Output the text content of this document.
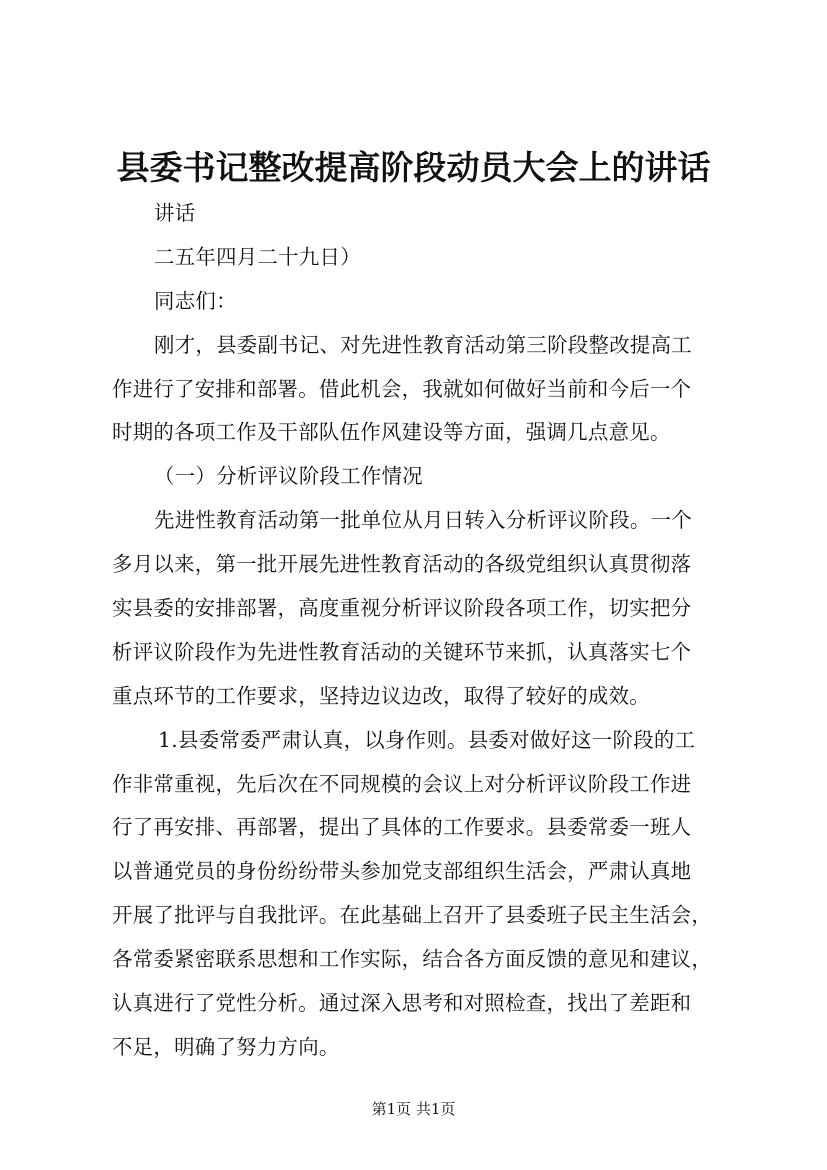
县委书记整改提高阶段动员大会上的讲话
讲话
二五年四月二十九日）
同志们：
刚才，县委副书记、对先进性教育活动第三阶段整改提高工
作进行了安排和部署。借此机会，我就如何做好当前和今后一个
时期的各项工作及干部队伍作风建设等方面，强调几点意见。
（一）分析评议阶段工作情况
先进性教育活动第一批单位从月日转入分析评议阶段。一个
多月以来，第一批开展先进性教育活动的各级党组织认真贯彻落
实县委的安排部署，高度重视分析评议阶段各项工作，切实把分
析评议阶段作为先进性教育活动的关键环节来抓，认真落实七个
重点环节的工作要求，坚持边议边改，取得了较好的成效。
1.县委常委严肃认真，以身作则。县委对做好这一阶段的工
作非常重视，先后次在不同规模的会议上对分析评议阶段工作进
行了再安排、再部署，提出了具体的工作要求。县委常委一班人
以普通党员的身份纷纷带头参加党支部组织生活会，严肃认真地
开展了批评与自我批评。在此基础上召开了县委班子民主生活会，
各常委紧密联系思想和工作实际，结合各方面反馈的意见和建议，
认真进行了党性分析。通过深入思考和对照检查，找出了差距和
不足，明确了努力方向。
第1页 共1页
